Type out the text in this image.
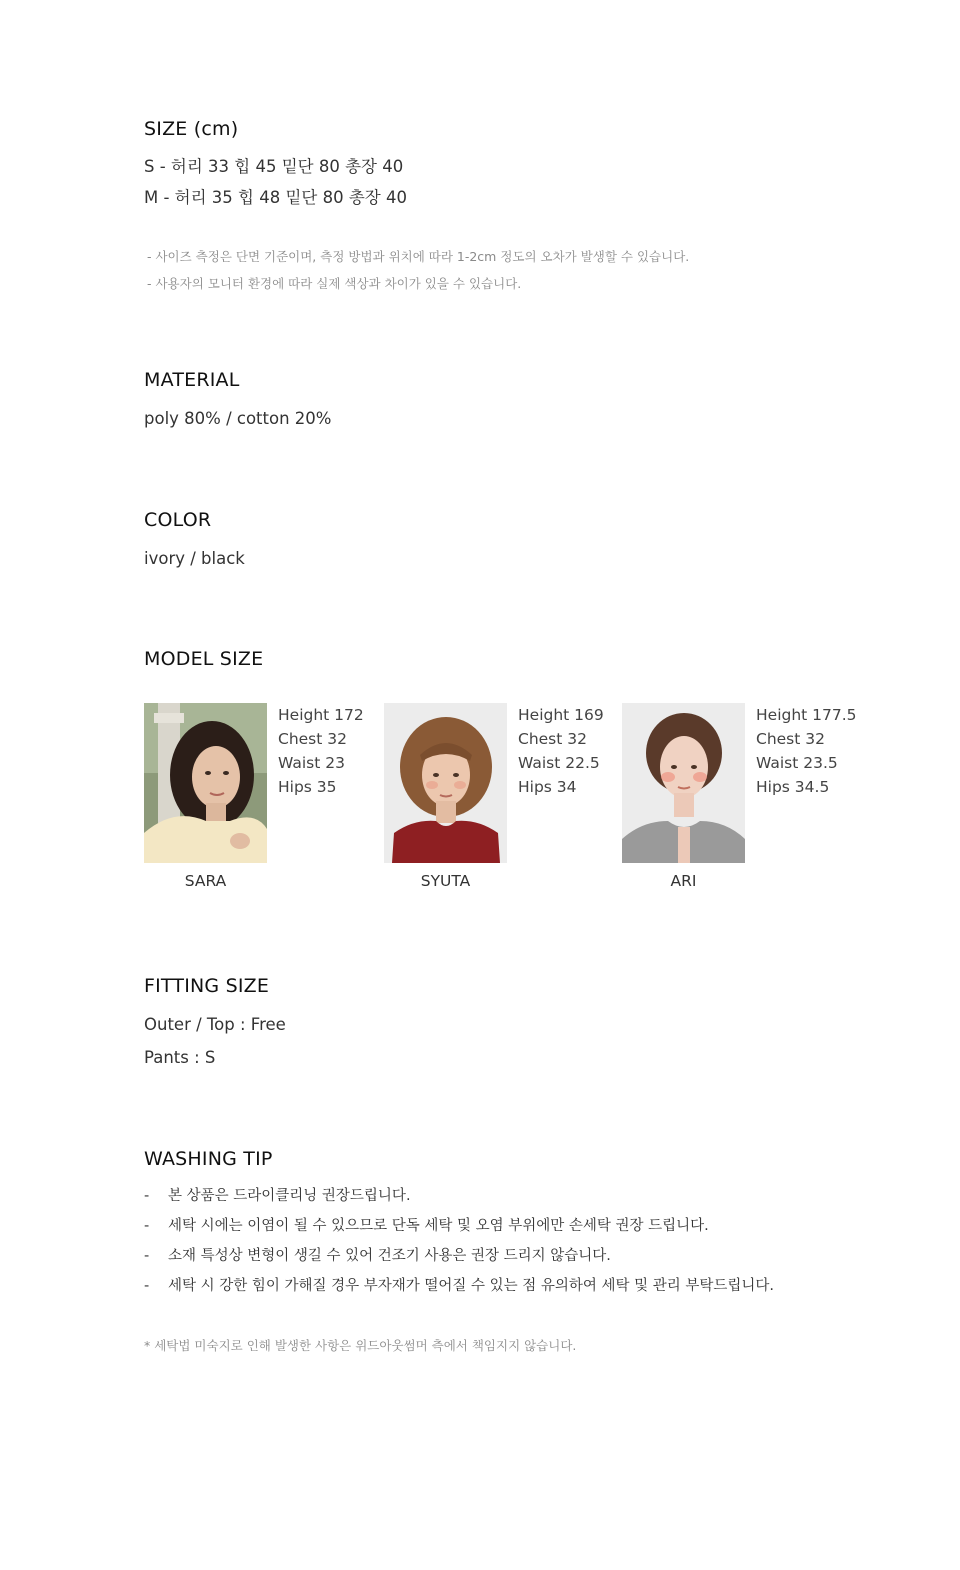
SIZE (cm)
S - 허리 33 힙 45 밑단 80 총장 40
M - 허리 35 힙 48 밑단 80 총장 40
- 사이즈 측정은 단면 기준이며, 측정 방법과 위치에 따라 1-2cm 정도의 오차가 발생할 수 있습니다.
- 사용자의 모니터 환경에 따라 실제 색상과 차이가 있을 수 있습니다.
MATERIAL
poly 80% / cotton 20%
COLOR
ivory / black
MODEL SIZE
Height 172
Chest 32
Waist 23
Hips 35
SARA
Height 169
Chest 32
Waist 22.5
Hips 34
SYUTA
Height 177.5
Chest 32
Waist 23.5
Hips 34.5
ARI
FITTING SIZE
Outer / Top : Free
Pants : S
WASHING TIP
- 본 상품은 드라이클리닝 권장드립니다.
- 세탁 시에는 이염이 될 수 있으므로 단독 세탁 및 오염 부위에만 손세탁 권장 드립니다.
- 소재 특성상 변형이 생길 수 있어 건조기 사용은 권장 드리지 않습니다.
- 세탁 시 강한 힘이 가해질 경우 부자재가 떨어질 수 있는 점 유의하여 세탁 및 관리 부탁드립니다.
* 세탁법 미숙지로 인해 발생한 사항은 위드아웃썸머 측에서 책임지지 않습니다.
